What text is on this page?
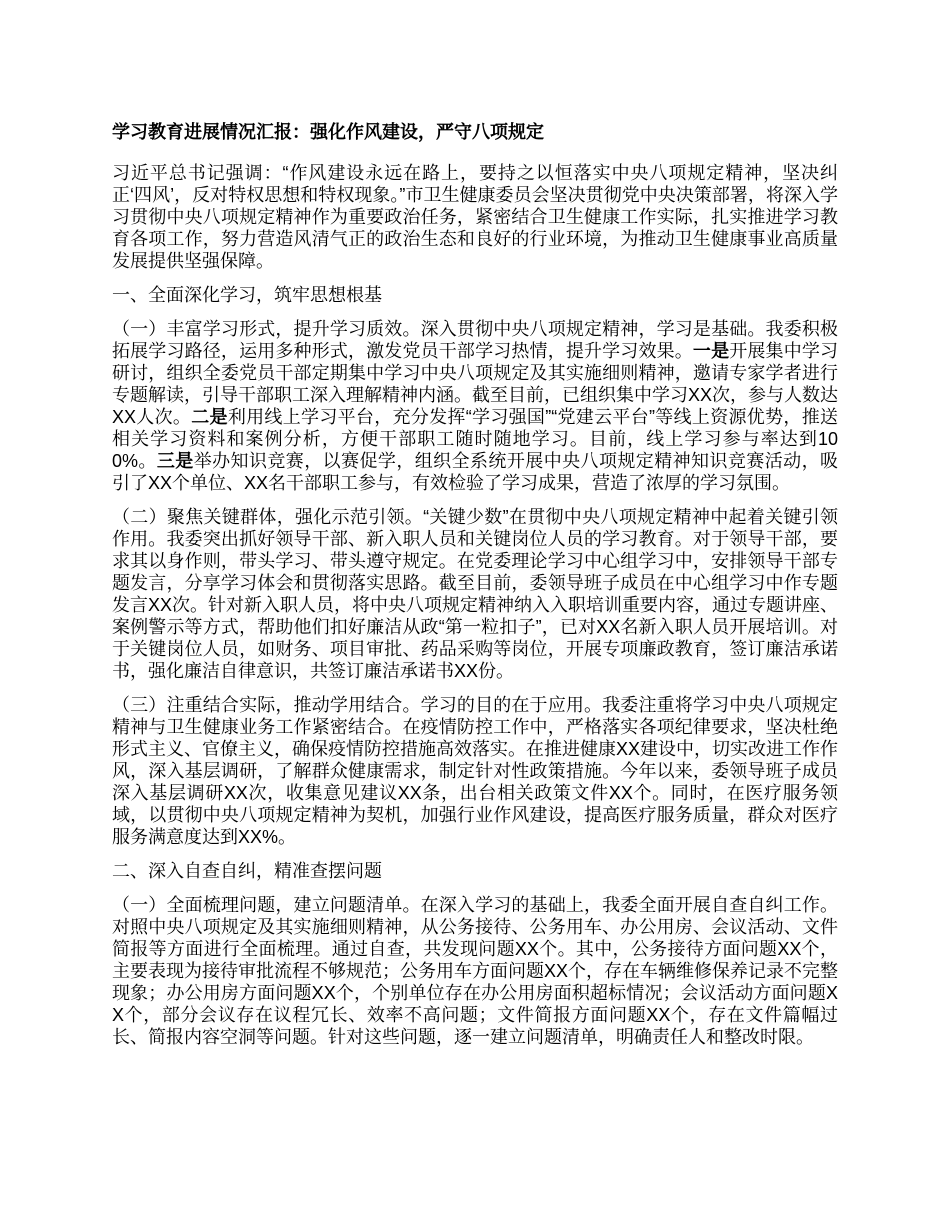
学习教育进展情况汇报：强化作风建设，严守八项规定

习近平总书记强调：“作风建设永远在路上，要持之以恒落实中央八项规定精神，坚决纠正‘四风’，反对特权思想和特权现象。”市卫生健康委员会坚决贯彻党中央决策部署，将深入学习贯彻中央八项规定精神作为重要政治任务，紧密结合卫生健康工作实际，扎实推进学习教育各项工作，努力营造风清气正的政治生态和良好的行业环境，为推动卫生健康事业高质量发展提供坚强保障。

一、全面深化学习，筑牢思想根基

（一）丰富学习形式，提升学习质效。深入贯彻中央八项规定精神，学习是基础。我委积极拓展学习路径，运用多种形式，激发党员干部学习热情，提升学习效果。一是开展集中学习研讨，组织全委党员干部定期集中学习中央八项规定及其实施细则精神，邀请专家学者进行专题解读，引导干部职工深入理解精神内涵。截至目前，已组织集中学习XX次，参与人数达XX人次。二是利用线上学习平台，充分发挥“学习强国”“党建云平台”等线上资源优势，推送相关学习资料和案例分析，方便干部职工随时随地学习。目前，线上学习参与率达到100%。三是举办知识竞赛，以赛促学，组织全系统开展中央八项规定精神知识竞赛活动，吸引了XX个单位、XX名干部职工参与，有效检验了学习成果，营造了浓厚的学习氛围。

（二）聚焦关键群体，强化示范引领。“关键少数”在贯彻中央八项规定精神中起着关键引领作用。我委突出抓好领导干部、新入职人员和关键岗位人员的学习教育。对于领导干部，要求其以身作则，带头学习、带头遵守规定。在党委理论学习中心组学习中，安排领导干部专题发言，分享学习体会和贯彻落实思路。截至目前，委领导班子成员在中心组学习中作专题发言XX次。针对新入职人员，将中央八项规定精神纳入入职培训重要内容，通过专题讲座、案例警示等方式，帮助他们扣好廉洁从政“第一粒扣子”，已对XX名新入职人员开展培训。对于关键岗位人员，如财务、项目审批、药品采购等岗位，开展专项廉政教育，签订廉洁承诺书，强化廉洁自律意识，共签订廉洁承诺书XX份。

（三）注重结合实际，推动学用结合。学习的目的在于应用。我委注重将学习中央八项规定精神与卫生健康业务工作紧密结合。在疫情防控工作中，严格落实各项纪律要求，坚决杜绝形式主义、官僚主义，确保疫情防控措施高效落实。在推进健康XX建设中，切实改进工作作风，深入基层调研，了解群众健康需求，制定针对性政策措施。今年以来，委领导班子成员深入基层调研XX次，收集意见建议XX条，出台相关政策文件XX个。同时，在医疗服务领域，以贯彻中央八项规定精神为契机，加强行业作风建设，提高医疗服务质量，群众对医疗服务满意度达到XX%。

二、深入自查自纠，精准查摆问题

（一）全面梳理问题，建立问题清单。在深入学习的基础上，我委全面开展自查自纠工作。对照中央八项规定及其实施细则精神，从公务接待、公务用车、办公用房、会议活动、文件简报等方面进行全面梳理。通过自查，共发现问题XX个。其中，公务接待方面问题XX个，主要表现为接待审批流程不够规范；公务用车方面问题XX个，存在车辆维修保养记录不完整现象；办公用房方面问题XX个，个别单位存在办公用房面积超标情况；会议活动方面问题XX个，部分会议存在议程冗长、效率不高问题；文件简报方面问题XX个，存在文件篇幅过长、简报内容空洞等问题。针对这些问题，逐一建立问题清单，明确责任人和整改时限。
